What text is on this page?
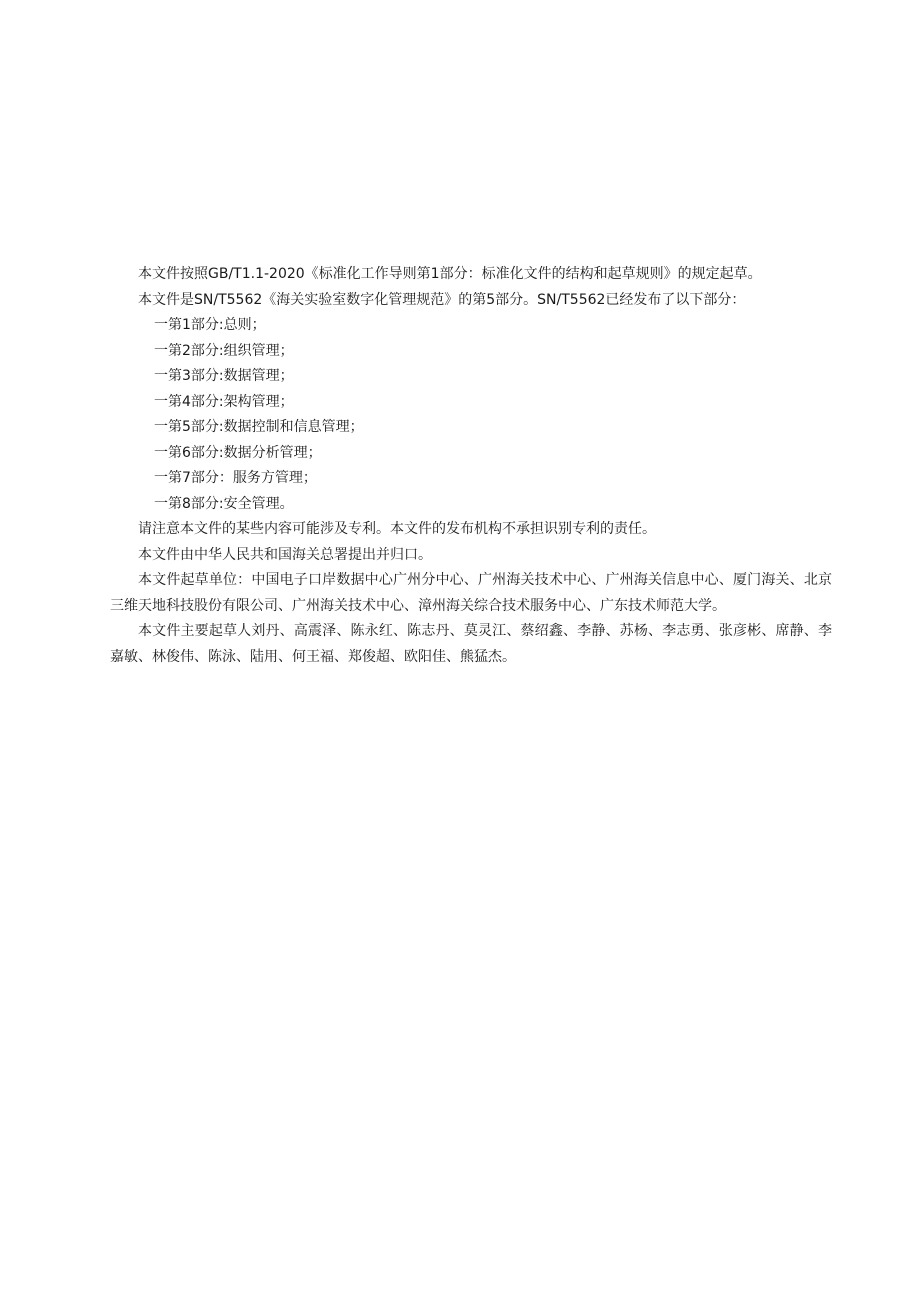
本文件按照GB/T1.1-2020《标准化工作导则第1部分：标准化文件的结构和起草规则》的规定起草。

本文件是SN/T5562《海关实验室数字化管理规范》的第5部分。SN/T5562已经发布了以下部分：

一第1部分:总则；

一第2部分:组织管理；

一第3部分:数据管理；

一第4部分:架构管理；

一第5部分:数据控制和信息管理；

一第6部分:数据分析管理；

一第7部分：服务方管理；

一第8部分:安全管理。

请注意本文件的某些内容可能涉及专利。本文件的发布机构不承担识别专利的责任。

本文件由中华人民共和国海关总署提出并归口。

本文件起草单位：中国电子口岸数据中心广州分中心、广州海关技术中心、广州海关信息中心、厦门海关、北京三维天地科技股份有限公司、广州海关技术中心、漳州海关综合技术服务中心、广东技术师范大学。

本文件主要起草人刘丹、高震泽、陈永红、陈志丹、莫灵江、蔡绍鑫、李静、苏杨、李志勇、张彦彬、席静、李嘉敏、林俊伟、陈泳、陆用、何王福、郑俊超、欧阳佳、熊猛杰。
